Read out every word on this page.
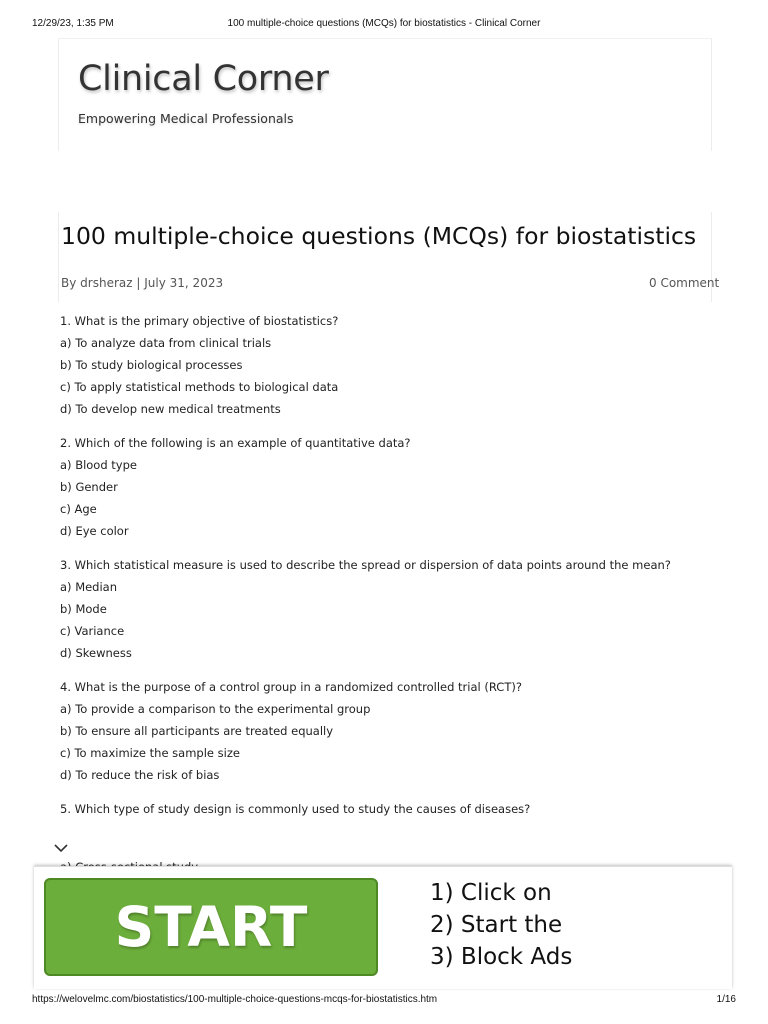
12/29/23, 1:35 PM	100 multiple-choice questions (MCQs) for biostatistics - Clinical Corner
Clinical Corner
Empowering Medical Professionals
100 multiple-choice questions (MCQs) for biostatistics
By drsheraz | July 31, 2023	0 Comment

1. What is the primary objective of biostatistics?

a) To analyze data from clinical trials

b) To study biological processes

c) To apply statistical methods to biological data

d) To develop new medical treatments

2. Which of the following is an example of quantitative data?

a) Blood type

b) Gender

c) Age

d) Eye color

3. Which statistical measure is used to describe the spread or dispersion of data points around the mean?

a) Median

b) Mode

c) Variance

d) Skewness

4. What is the purpose of a control group in a randomized controlled trial (RCT)?

a) To provide a comparison to the experimental group

b) To ensure all participants are treated equally

c) To maximize the sample size

d) To reduce the risk of bias

5. Which type of study design is commonly used to study the causes of diseases?

START
1) Click on
2) Start the
3) Block Ads
https://welovelmc.com/biostatistics/100-multiple-choice-questions-mcqs-for-biostatistics.htm	1/16
